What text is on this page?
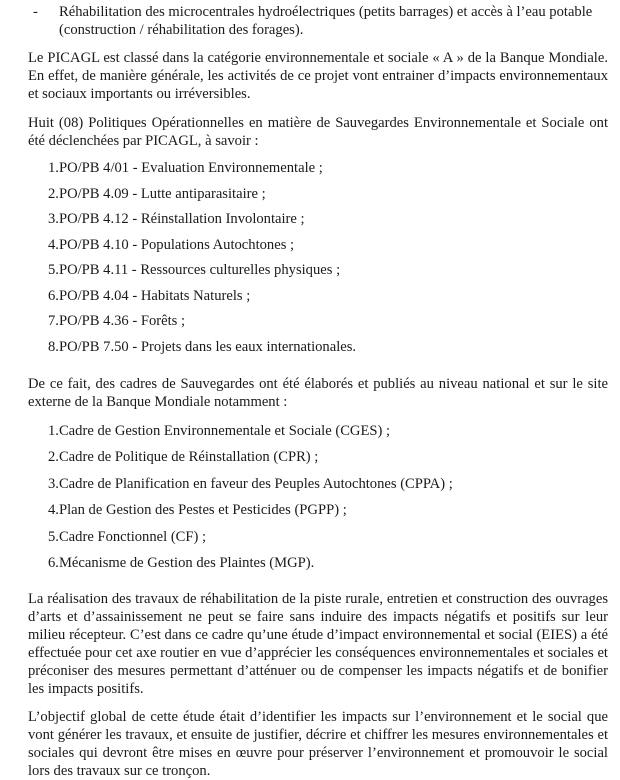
- Réhabilitation des microcentrales hydroélectriques (petits barrages) et accès à l’eau potable (construction / réhabilitation des forages).

Le PICAGL est classé dans la catégorie environnementale et sociale « A » de la Banque Mondiale. En effet, de manière générale, les activités de ce projet vont entrainer d’impacts environnementaux et sociaux importants ou irréversibles.

Huit (08) Politiques Opérationnelles en matière de Sauvegardes Environnementale et Sociale ont été déclenchées par PICAGL, à savoir :

1.PO/PB 4/01 - Evaluation Environnementale ;
2.PO/PB 4.09 - Lutte antiparasitaire ;
3.PO/PB 4.12 - Réinstallation Involontaire ;
4.PO/PB 4.10 - Populations Autochtones ;
5.PO/PB 4.11 - Ressources culturelles physiques ;
6.PO/PB 4.04 - Habitats Naturels ;
7.PO/PB 4.36 - Forêts ;
8.PO/PB 7.50 - Projets dans les eaux internationales.

De ce fait, des cadres de Sauvegardes ont été élaborés et publiés au niveau national et sur le site externe de la Banque Mondiale notamment :

1.Cadre de Gestion Environnementale et Sociale (CGES) ;
2.Cadre de Politique de Réinstallation (CPR) ;
3.Cadre de Planification en faveur des Peuples Autochtones (CPPA) ;
4.Plan de Gestion des Pestes et Pesticides (PGPP) ;
5.Cadre Fonctionnel (CF) ;
6.Mécanisme de Gestion des Plaintes (MGP).

La réalisation des travaux de réhabilitation de la piste rurale, entretien et construction des ouvrages d’arts et d’assainissement ne peut se faire sans induire des impacts négatifs et positifs sur leur milieu récepteur. C’est dans ce cadre qu’une étude d’impact environnemental et social (EIES) a été effectuée pour cet axe routier en vue d’apprécier les conséquences environnementales et sociales et préconiser des mesures permettant d’atténuer ou de compenser les impacts négatifs et de bonifier les impacts positifs.

L’objectif global de cette étude était d’identifier les impacts sur l’environnement et le social que vont générer les travaux, et ensuite de justifier, décrire et chiffrer les mesures environnementales et sociales qui devront être mises en œuvre pour préserver l’environnement et promouvoir le social lors des travaux sur ce tronçon.
